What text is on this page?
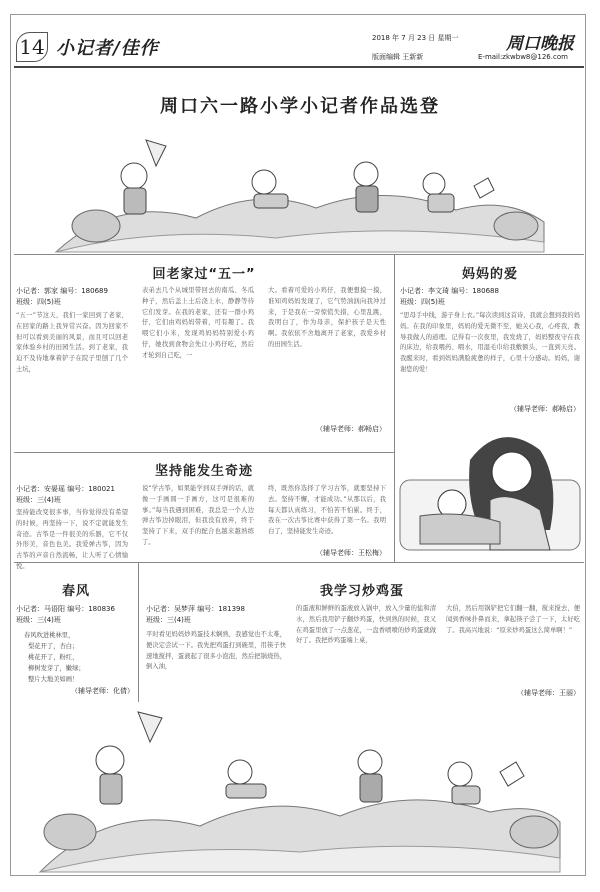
14 小记者/佳作	2018 年 7 月 23 日 星期一
版面编辑 王新新
周口晚报
E-mail:zkwbw8@126.com
周口六一路小学小记者作品选登
回老家过“五一”
小记者：郭家 编号：180689
班级：四(5)班
“五一”节这天，我们一家回到了老家，在回家的路上我异常兴奋。因为回家不但可以看到美丽的风景，而且可以回老家体验乡村的田园生活。到了老家，我迫不及待地拿着铲子在院子里刨了几个土坑，
表弟去几个从城里带回去的南瓜、冬瓜种子，然后盖上土后浇上水，静静等待它们发芽。在我的老家，还有一群小鸡仔，它们由鸡妈妈带着，可有趣了。我喂它们小米，发现鸡妈妈特别爱小鸡仔，她找到食物会先让小鸡仔吃，然后才轮到自己吃，一
大。看着可爱的小鸡仔，我便想摸一摸，谁知鸡妈妈发现了，它气势汹汹向我冲过来，于是我在一旁惊慌失措，心里乱跳，我明白了，作为母亲，保护孩子是天性啊。我依依不舍地离开了老家，我爱乡村的田园生活。
（辅导老师：郝畅启）
妈妈的爱
小记者：李文琦 编号：180688
班级：四(5)班
“思母手中线，游子身上衣。”每次读到这首诗，我就会想到我的妈妈。在我的印象里，妈妈的爱无微不至，她关心我，心疼我，教导我做人的道理。记得有一次夜里，我发烧了，妈妈整夜守在我的床边，给我喂药、喂水，用湿毛巾给我敷额头，一直到天亮。我醒来时，看到妈妈满脸疲惫的样子，心里十分感动。妈妈，谢谢您的爱！
（辅导老师：郝畅启）
坚持能发生奇迹
小记者：安晏瑶 编号：180021
班级：三(4)班
坚持能改变很多事，当你觉得没有希望的时候，再坚持一下，说不定就能发生奇迹。古筝是一件很美的乐器，它不仅外形美，音色也美。我爱弹古筝，因为古筝的声音自然流畅，让人听了心情愉悦。
说“学古筝，如果能学到双手弹的话，就像一手画圆一手画方，这可是很难的事。”每当我遇到困难，我总是一个人边弹古筝边掉眼泪，但我没有放弃，终于坚持了下来，双手的配合也越来越熟练了。
终，既然你选择了学习古筝，就要坚持下去。坚持不懈，才能成功。”从那以后，我每天都认真练习，不怕苦不怕累。终于，我在一次古筝比赛中获得了第一名。我明白了，坚持能发生奇迹。
（辅导老师：王松梅）
春风
小记者：马语阳 编号：180836
班级：三(4)班
春风吹进桃林里，
梨花开了，杏白；
桃花开了，粉红，
柳树发芽了，嫩绿；
整片大地美如画！
（辅导老师：化倩）
我学习炒鸡蛋
小记者：吴梦萍 编号：181398
班级：三(4)班
平时看见妈妈炒鸡蛋技术娴熟，我感觉也不太难，便决定尝试一下。我先把鸡蛋打到碗里，用筷子快速地搅拌，蛋液起了很多小泡泡，然后把锅烧热，倒入油，
的蛋液和鲜鲜的蛋液放入锅中，放入少量的盐和清水，然后我用铲子翻炒鸡蛋，快到熟的时候，我又在鸡蛋里放了一点葱花，一盘香喷喷的炒鸡蛋就做好了。我把炒鸡蛋端上桌，
大伯，然后用锅铲把它们翻一翻，搅来搅去，便闻到香味扑鼻而来，拿起筷子尝了一下，太好吃了。我高兴地说：“原来炒鸡蛋这么简单啊！”
（辅导老师：王丽）
